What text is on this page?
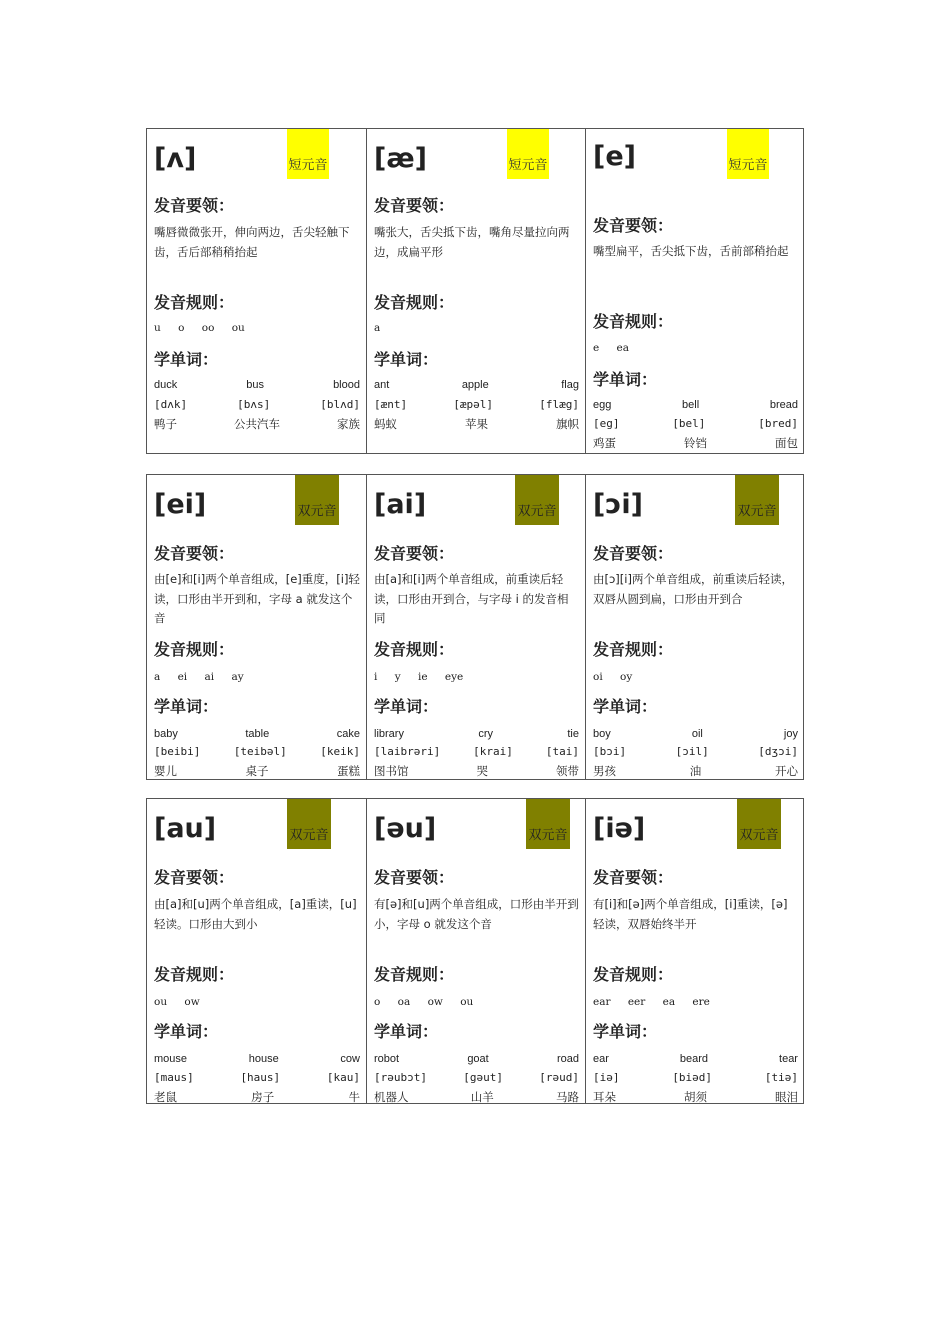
短元音
[ʌ]
发音要领：
嘴唇微微张开，伸向两边，舌尖轻触下齿，舌后部稍稍抬起
发音规则：
u o oo ou
学单词：
duck	bus	blood
[dʌk]	[bʌs]	[blʌd]
鸭子	公共汽车	家族
短元音
[æ]
发音要领：
嘴张大，舌尖抵下齿，嘴角尽量拉向两边，成扁平形
发音规则：
a
学单词：
ant	apple	flag
[ænt]	[æpəl]	[flæg]
蚂蚁	苹果	旗帜
短元音
[e]
发音要领：
嘴型扁平，舌尖抵下齿，舌前部稍抬起
发音规则：
e ea
学单词：
egg	bell	bread
[eg]	[bel]	[bred]
鸡蛋	铃铛	面包
双元音
[ei]
发音要领：
由[e]和[i]两个单音组成，[e]重度，[i]轻读，口形由半开到和，字母 a 就发这个音
发音规则：
a ei ai ay
学单词：
baby	table	cake
[beibi]	[teibəl]	[keik]
婴儿	桌子	蛋糕
双元音
[ai]
发音要领：
由[a]和[i]两个单音组成，前重读后轻读，口形由开到合，与字母 i 的发音相同
发音规则：
i y ie eye
学单词：
library	cry	tie
[laibrəri]	[krai]	[tai]
图书馆	哭	领带
双元音
[ɔi]
发音要领：
由[ɔ][i]两个单音组成，前重读后轻读，双唇从圆到扁，口形由开到合
发音规则：
oi oy
学单词：
boy	oil	joy
[bɔi]	[ɔil]	[dʒɔi]
男孩	油	开心
双元音
[au]
发音要领：
由[a]和[u]两个单音组成，[a]重读，[u]轻读。口形由大到小
发音规则：
ou ow
学单词：
mouse	house	cow
[maus]	[haus]	[kau]
老鼠	房子	牛
双元音
[əu]
发音要领：
有[ə]和[u]两个单音组成，口形由半开到小，字母 o 就发这个音
发音规则：
o oa ow ou
学单词：
robot	goat	road
[rəubɔt]	[gəut]	[rəud]
机器人	山羊	马路
双元音
[iə]
发音要领：
有[i]和[ə]两个单音组成，[i]重读，[ə]轻读，双唇始终半开
发音规则：
ear eer ea ere
学单词：
ear	beard	tear
[iə]	[biəd]	[tiə]
耳朵	胡须	眼泪
